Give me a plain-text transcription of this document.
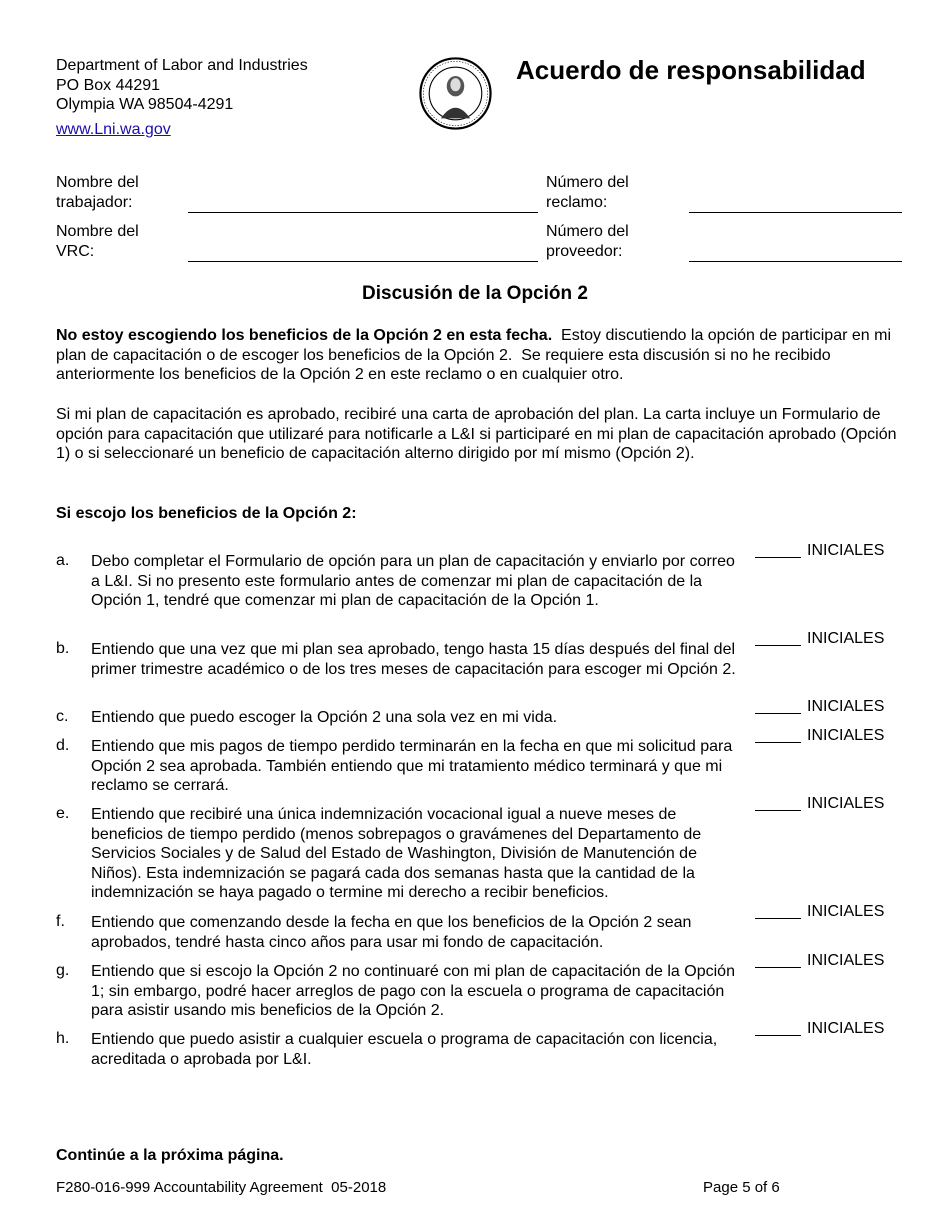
Department of Labor and Industries
PO Box 44291
Olympia WA 98504-4291
www.Lni.wa.gov
Acuerdo de responsabilidad
Nombre del
trabajador:
Número del
reclamo:
Nombre del
VRC:
Número del
proveedor:
Discusión de la Opción 2
No estoy escogiendo los beneficios de la Opción 2 en esta fecha.  Estoy discutiendo la opción de participar en mi plan de capacitación o de escoger los beneficios de la Opción 2.  Se requiere esta discusión si no he recibido anteriormente los beneficios de la Opción 2 en este reclamo o en cualquier otro.
Si mi plan de capacitación es aprobado, recibiré una carta de aprobación del plan. La carta incluye un Formulario de opción para capacitación que utilizaré para notificarle a L&I si participaré en mi plan de capacitación aprobado (Opción 1) o si seleccionaré un beneficio de capacitación alterno dirigido por mí mismo (Opción 2).
Si escojo los beneficios de la Opción 2:
a. Debo completar el Formulario de opción para un plan de capacitación y enviarlo por correo a L&I. Si no presento este formulario antes de comenzar mi plan de capacitación de la Opción 1, tendré que comenzar mi plan de capacitación de la Opción 1.
INICIALES
b. Entiendo que una vez que mi plan sea aprobado, tengo hasta 15 días después del final del primer trimestre académico o de los tres meses de capacitación para escoger mi Opción 2.
INICIALES
c. Entiendo que puedo escoger la Opción 2 una sola vez en mi vida.
INICIALES
d. Entiendo que mis pagos de tiempo perdido terminarán en la fecha en que mi solicitud para Opción 2 sea aprobada. También entiendo que mi tratamiento médico terminará y que mi reclamo se cerrará.
INICIALES
e. Entiendo que recibiré una única indemnización vocacional igual a nueve meses de beneficios de tiempo perdido (menos sobrepagos o gravámenes del Departamento de Servicios Sociales y de Salud del Estado de Washington, División de Manutención de Niños). Esta indemnización se pagará cada dos semanas hasta que la cantidad de la indemnización se haya pagado o termine mi derecho a recibir beneficios.
INICIALES
f. Entiendo que comenzando desde la fecha en que los beneficios de la Opción 2 sean aprobados, tendré hasta cinco años para usar mi fondo de capacitación.
INICIALES
g. Entiendo que si escojo la Opción 2 no continuaré con mi plan de capacitación de la Opción 1; sin embargo, podré hacer arreglos de pago con la escuela o programa de capacitación para asistir usando mis beneficios de la Opción 2.
INICIALES
h. Entiendo que puedo asistir a cualquier escuela o programa de capacitación con licencia, acreditada o aprobada por L&I.
INICIALES
Continúe a la próxima página.
F280-016-999 Accountability Agreement  05-2018	Page 5 of 6
